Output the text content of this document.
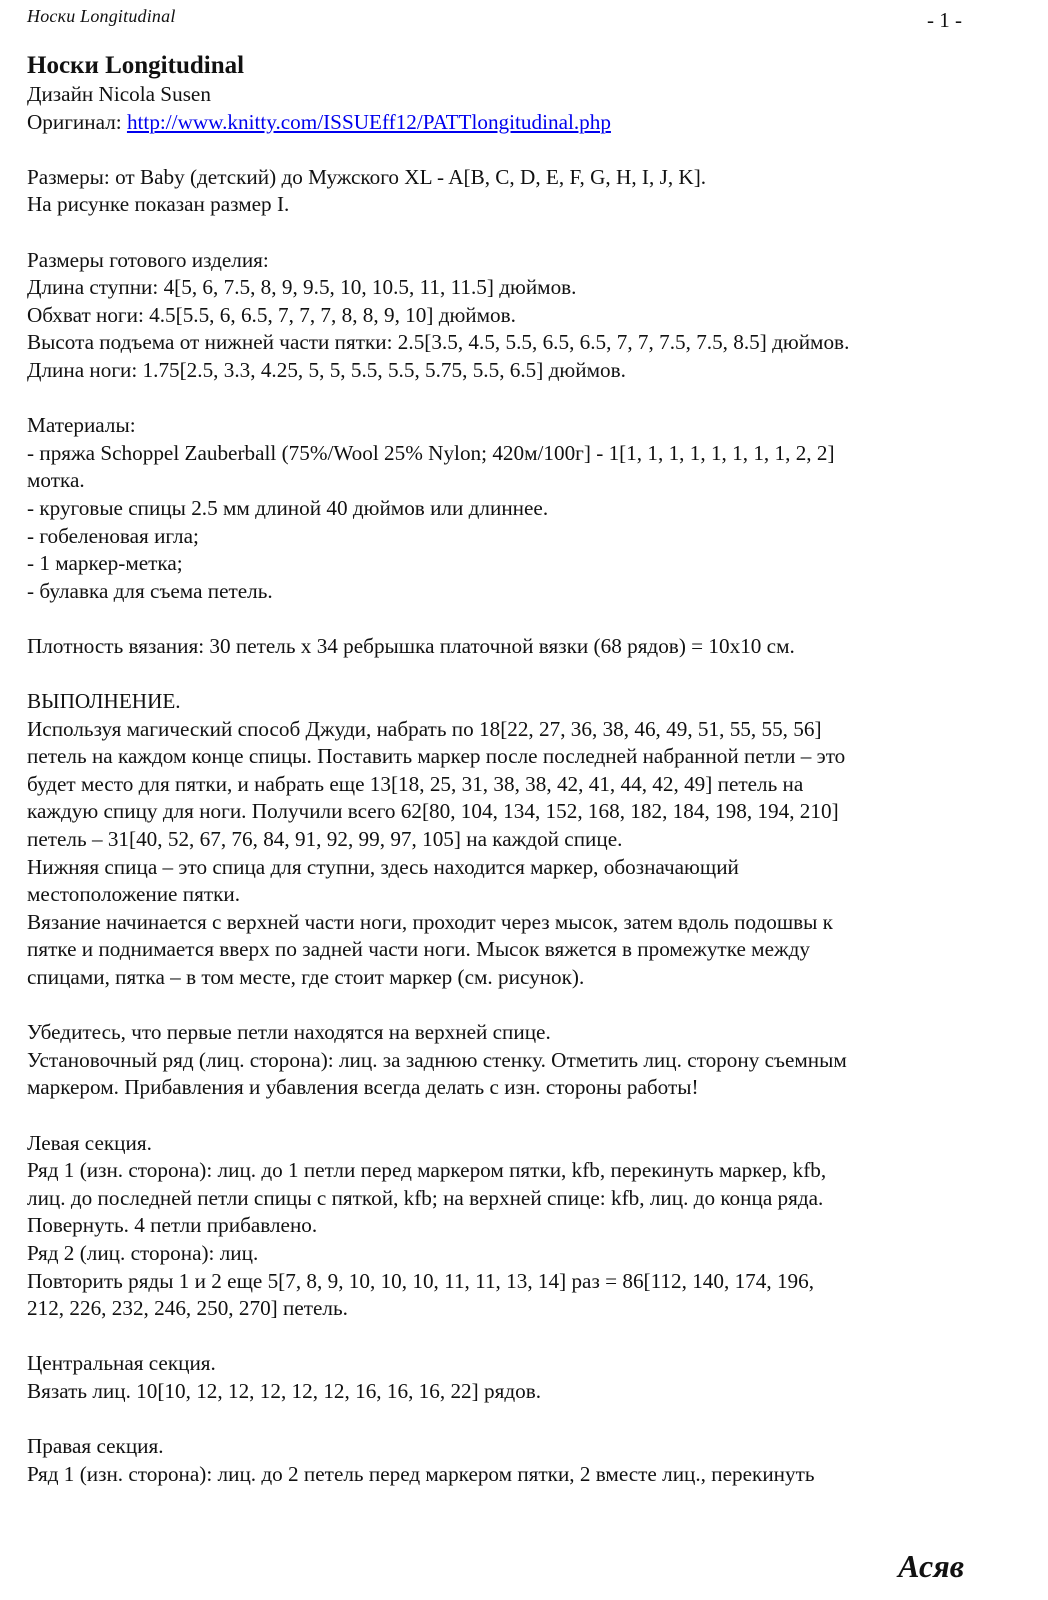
Носки Longitudinal	- 1 -

Носки Longitudinal

Дизайн Nicola Susen

Оригинал: http://www.knitty.com/ISSUEff12/PATTlongitudinal.php

Размеры: от Baby (детский) до Мужского XL - A[B, C, D, E, F, G, H, I, J, K].

На рисунке показан размер I.

Размеры готового изделия:

Длина ступни: 4[5, 6, 7.5, 8, 9, 9.5, 10, 10.5, 11, 11.5] дюймов.

Обхват ноги: 4.5[5.5, 6, 6.5, 7, 7, 7, 8, 8, 9, 10] дюймов.

Высота подъема от нижней части пятки: 2.5[3.5, 4.5, 5.5, 6.5, 6.5, 7, 7, 7.5, 7.5, 8.5] дюймов.

Длина ноги: 1.75[2.5, 3.3, 4.25, 5, 5, 5.5, 5.5, 5.75, 5.5, 6.5] дюймов.

Материалы:

- пряжа Schoppel Zauberball (75%/Wool 25% Nylon; 420м/100г] - 1[1, 1, 1, 1, 1, 1, 1, 1, 2, 2]

мотка.

- круговые спицы 2.5 мм длиной 40 дюймов или длиннее.

- гобеленовая игла;

- 1 маркер-метка;

- булавка для съема петель.

Плотность вязания: 30 петель х 34 ребрышка платочной вязки (68 рядов) = 10x10 см.

ВЫПОЛНЕНИЕ.

Используя магический способ Джуди, набрать по 18[22, 27, 36, 38, 46, 49, 51, 55, 55, 56]

петель на каждом конце спицы. Поставить маркер после последней набранной петли – это

будет место для пятки, и набрать еще 13[18, 25, 31, 38, 38, 42, 41, 44, 42, 49] петель на

каждую спицу для ноги. Получили всего 62[80, 104, 134, 152, 168, 182, 184, 198, 194, 210]

петель – 31[40, 52, 67, 76, 84, 91, 92, 99, 97, 105] на каждой спице.

Нижняя спица – это спица для ступни, здесь находится маркер, обозначающий

местоположение пятки.

Вязание начинается с верхней части ноги, проходит через мысок, затем вдоль подошвы к

пятке и поднимается вверх по задней части ноги. Мысок вяжется в промежутке между

спицами, пятка – в том месте, где стоит маркер (см. рисунок).

Убедитесь, что первые петли находятся на верхней спице.

Установочный ряд (лиц. сторона): лиц. за заднюю стенку. Отметить лиц. сторону съемным

маркером. Прибавления и убавления всегда делать с изн. стороны работы!

Левая секция.

Ряд 1 (изн. сторона): лиц. до 1 петли перед маркером пятки, kfb, перекинуть маркер, kfb,

лиц. до последней петли спицы с пяткой, kfb; на верхней спице: kfb, лиц. до конца ряда.

Повернуть. 4 петли прибавлено.

Ряд 2 (лиц. сторона): лиц.

Повторить ряды 1 и 2 еще 5[7, 8, 9, 10, 10, 10, 11, 11, 13, 14] раз = 86[112, 140, 174, 196,

212, 226, 232, 246, 250, 270] петель.

Центральная секция.

Вязать лиц. 10[10, 12, 12, 12, 12, 12, 16, 16, 16, 22] рядов.

Правая секция.

Ряд 1 (изн. сторона): лиц. до 2 петель перед маркером пятки, 2 вместе лиц., перекинуть

Асяв
